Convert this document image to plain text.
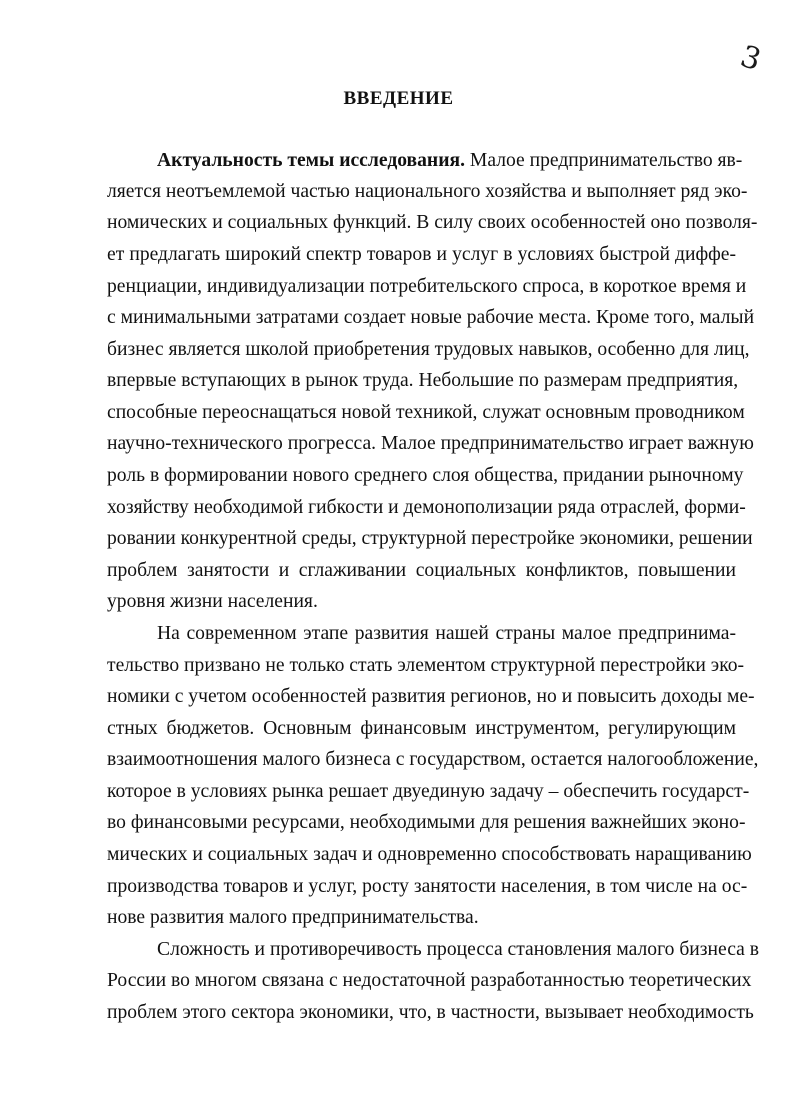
3
ВВЕДЕНИЕ
Актуальность темы исследования. Малое предпринимательство яв-
ляется неотъемлемой частью национального хозяйства и выполняет ряд эко-
номических и социальных функций. В силу своих особенностей оно позволя-
ет предлагать широкий спектр товаров и услуг в условиях быстрой диффе-
ренциации, индивидуализации потребительского спроса, в короткое время и
с минимальными затратами создает новые рабочие места. Кроме того, малый
бизнес является школой приобретения трудовых навыков, особенно для лиц,
впервые вступающих в рынок труда. Небольшие по размерам предприятия,
способные переоснащаться новой техникой, служат основным проводником
научно-технического прогресса. Малое предпринимательство играет важную
роль в формировании нового среднего слоя общества, придании рыночному
хозяйству необходимой гибкости и демонополизации ряда отраслей, форми-
ровании конкурентной среды, структурной перестройке экономики, решении
проблем занятости и сглаживании социальных конфликтов, повышении
уровня жизни населения.
На современном этапе развития нашей страны малое предпринима-
тельство призвано не только стать элементом структурной перестройки эко-
номики с учетом особенностей развития регионов, но и повысить доходы ме-
стных бюджетов. Основным финансовым инструментом, регулирующим
взаимоотношения малого бизнеса с государством, остается налогообложение,
которое в условиях рынка решает двуединую задачу – обеспечить государст-
во финансовыми ресурсами, необходимыми для решения важнейших эконо-
мических и социальных задач и одновременно способствовать наращиванию
производства товаров и услуг, росту занятости населения, в том числе на ос-
нове развития малого предпринимательства.
Сложность и противоречивость процесса становления малого бизнеса в
России во многом связана с недостаточной разработанностью теоретических
проблем этого сектора экономики, что, в частности, вызывает необходимость
